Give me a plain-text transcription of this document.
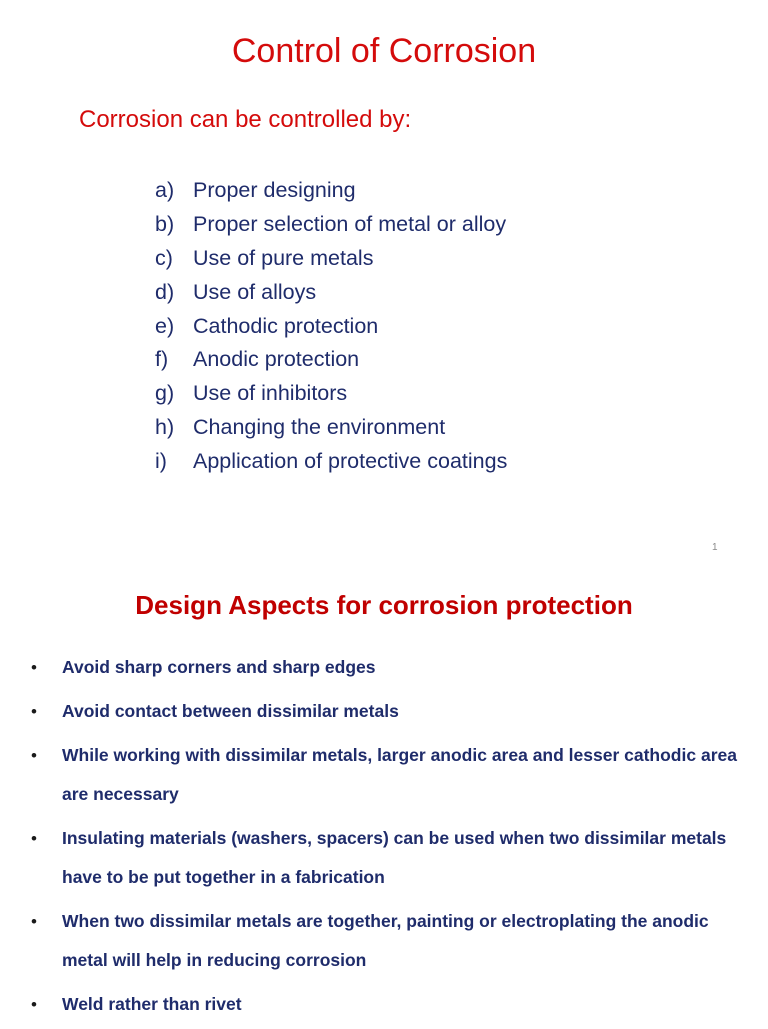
Control of Corrosion
Corrosion can be controlled by:
a) Proper designing
b) Proper selection of metal or alloy
c) Use of pure metals
d) Use of alloys
e) Cathodic protection
f)	Anodic protection
g) Use of inhibitors
h) Changing the environment
i)	Application of protective coatings
1
Design Aspects for corrosion protection
• Avoid sharp corners and sharp edges
• Avoid contact between dissimilar metals
• While working with dissimilar metals, larger anodic area and lesser cathodic area are necessary
• Insulating materials (washers, spacers) can be used when two dissimilar metals have to be put together in a fabrication
• When two dissimilar metals are together, painting or electroplating the anodic metal will help in reducing corrosion
• Weld rather than rivet
